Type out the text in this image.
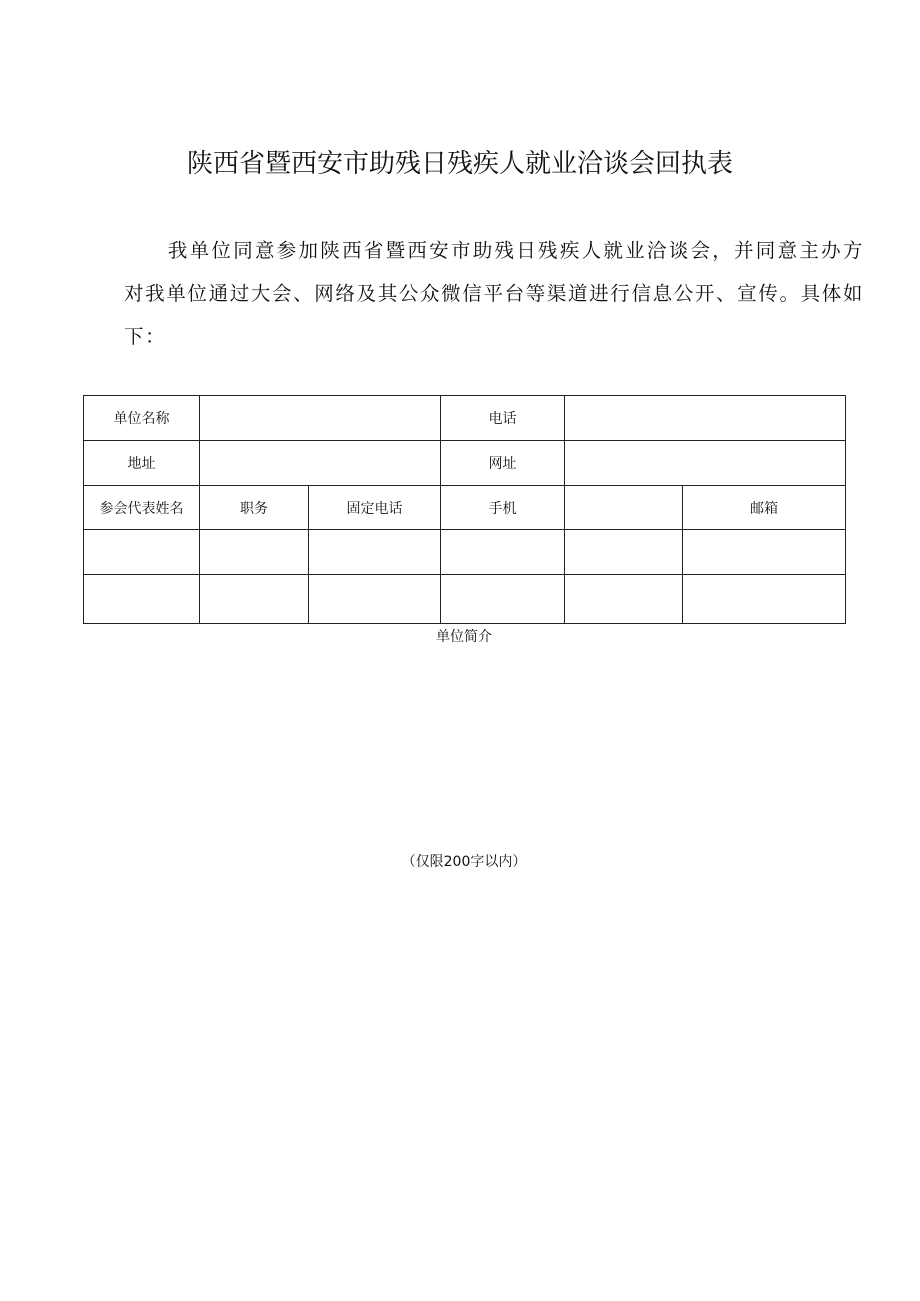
陕西省暨西安市助残日残疾人就业洽谈会回执表
我单位同意参加陕西省暨西安市助残日残疾人就业洽谈会，并同意主办方对我单位通过大会、网络及其公众微信平台等渠道进行信息公开、宣传。具体如下：
单位名称			电话		
地址			网址		
参会代表姓名	职务	固定电话	手机		邮箱

单位简介
（仅限200字以内）
